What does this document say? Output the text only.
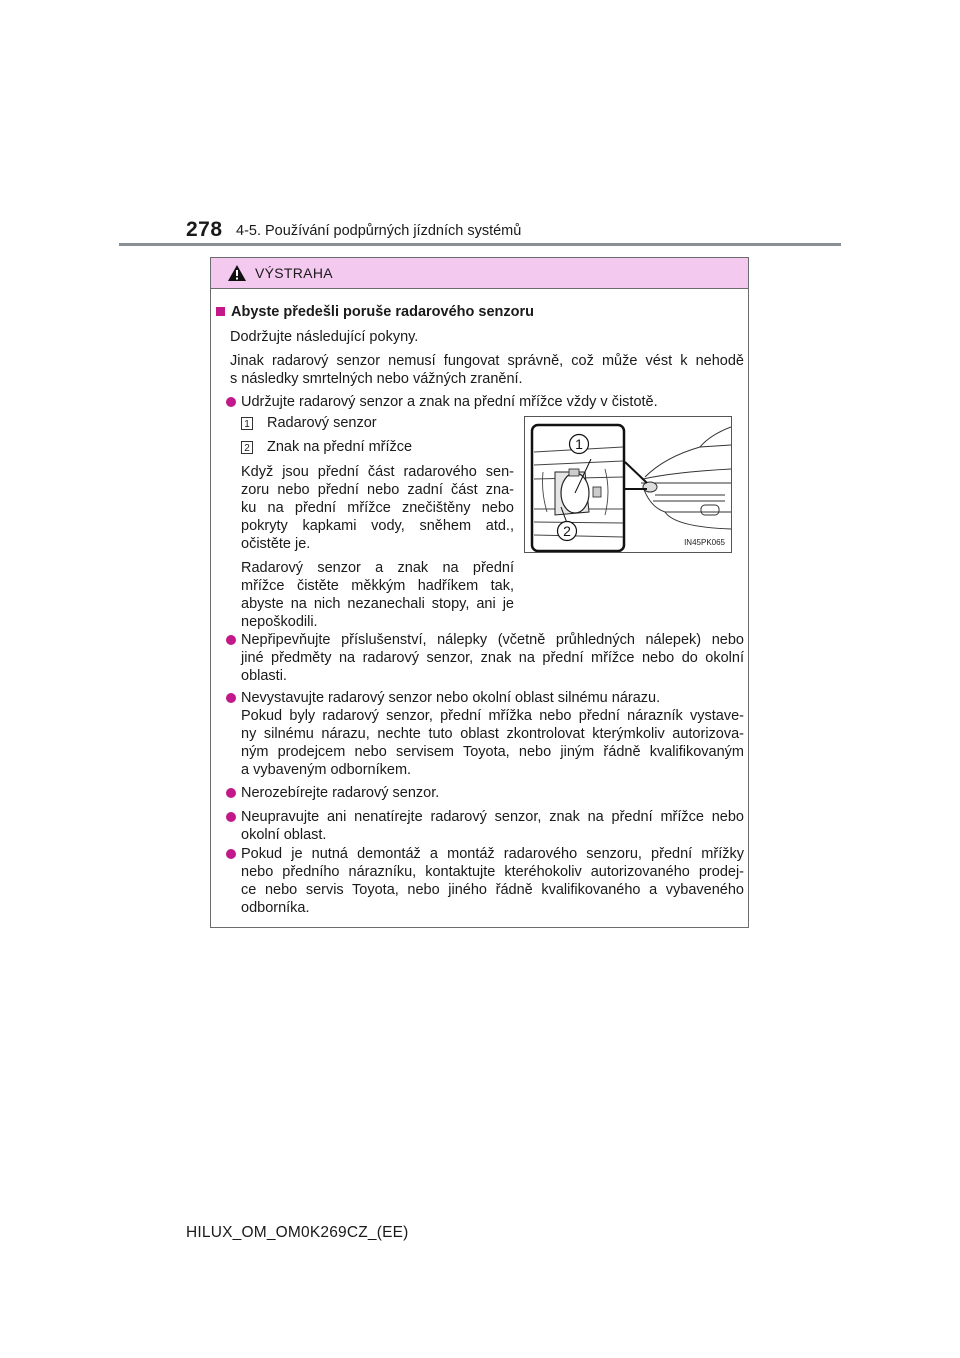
278 4-5. Používání podpůrných jízdních systémů
VÝSTRAHA
Abyste předešli poruše radarového senzoru
Dodržujte následující pokyny.
Jinak radarový senzor nemusí fungovat správně, což může vést k nehodě
s následky smrtelných nebo vážných zranění.
Udržujte radarový senzor a znak na přední mřížce vždy v čistotě.
1 Radarový senzor
2 Znak na přední mřížce
Když jsou přední část radarového sen-
zoru nebo přední nebo zadní část zna-
ku na přední mřížce znečištěny nebo
pokryty kapkami vody, sněhem atd.,
očistěte je.
Radarový senzor a znak na přední
mřížce čistěte měkkým hadříkem tak,
abyste na nich nezanechali stopy, ani je
nepoškodili.
1
2
IN45PK065
Nepřipevňujte příslušenství, nálepky (včetně průhledných nálepek) nebo
jiné předměty na radarový senzor, znak na přední mřížce nebo do okolní
oblasti.
Nevystavujte radarový senzor nebo okolní oblast silnému nárazu.
Pokud byly radarový senzor, přední mřížka nebo přední nárazník vystave-
ny silnému nárazu, nechte tuto oblast zkontrolovat kterýmkoliv autorizova-
ným prodejcem nebo servisem Toyota, nebo jiným řádně kvalifikovaným
a vybaveným odborníkem.
Nerozebírejte radarový senzor.
Neupravujte ani nenatírejte radarový senzor, znak na přední mřížce nebo
okolní oblast.
Pokud je nutná demontáž a montáž radarového senzoru, přední mřížky
nebo předního nárazníku, kontaktujte kteréhokoliv autorizovaného prodej-
ce nebo servis Toyota, nebo jiného řádně kvalifikovaného a vybaveného
odborníka.
HILUX_OM_OM0K269CZ_(EE)
